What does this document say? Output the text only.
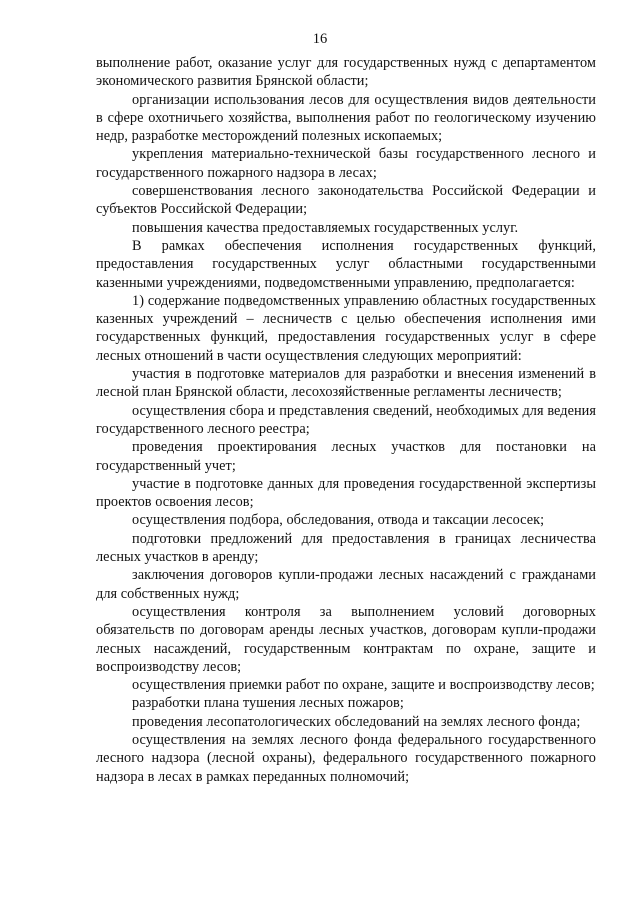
16

выполнение работ, оказание услуг для государственных нужд с департаментом экономического развития Брянской области;

организации использования лесов для осуществления видов деятельности в сфере охотничьего хозяйства, выполнения работ по геологическому изучению недр, разработке месторождений полезных ископаемых;

укрепления материально-технической базы государственного лесного и государственного пожарного надзора в лесах;

совершенствования лесного законодательства Российской Федерации и субъектов Российской Федерации;

повышения качества предоставляемых государственных услуг.

В рамках обеспечения исполнения государственных функций, предоставления государственных услуг областными государственными казенными учреждениями, подведомственными управлению, предполагается:

1) содержание подведомственных управлению областных государственных казенных учреждений – лесничеств с целью обеспечения исполнения ими государственных функций, предоставления государственных услуг в сфере лесных отношений в части осуществления следующих мероприятий:

участия в подготовке материалов для разработки и внесения изменений в лесной план Брянской области, лесохозяйственные регламенты лесничеств;

осуществления сбора и представления сведений, необходимых для ведения государственного лесного реестра;

проведения проектирования лесных участков для постановки на государственный учет;

участие в подготовке данных для проведения государственной экспертизы проектов освоения лесов;

осуществления подбора, обследования, отвода и таксации лесосек;

подготовки предложений для предоставления в границах лесничества лесных участков в аренду;

заключения договоров купли-продажи лесных насаждений с гражданами для собственных нужд;

осуществления контроля за выполнением условий договорных обязательств по договорам аренды лесных участков, договорам купли-продажи лесных насаждений, государственным контрактам по охране, защите и воспроизводству лесов;

осуществления приемки работ по охране, защите и воспроизводству лесов;

разработки плана тушения лесных пожаров;

проведения лесопатологических обследований на землях лесного фонда;

осуществления на землях лесного фонда федерального государственного лесного надзора (лесной охраны), федерального государственного пожарного надзора в лесах в рамках переданных полномочий;
